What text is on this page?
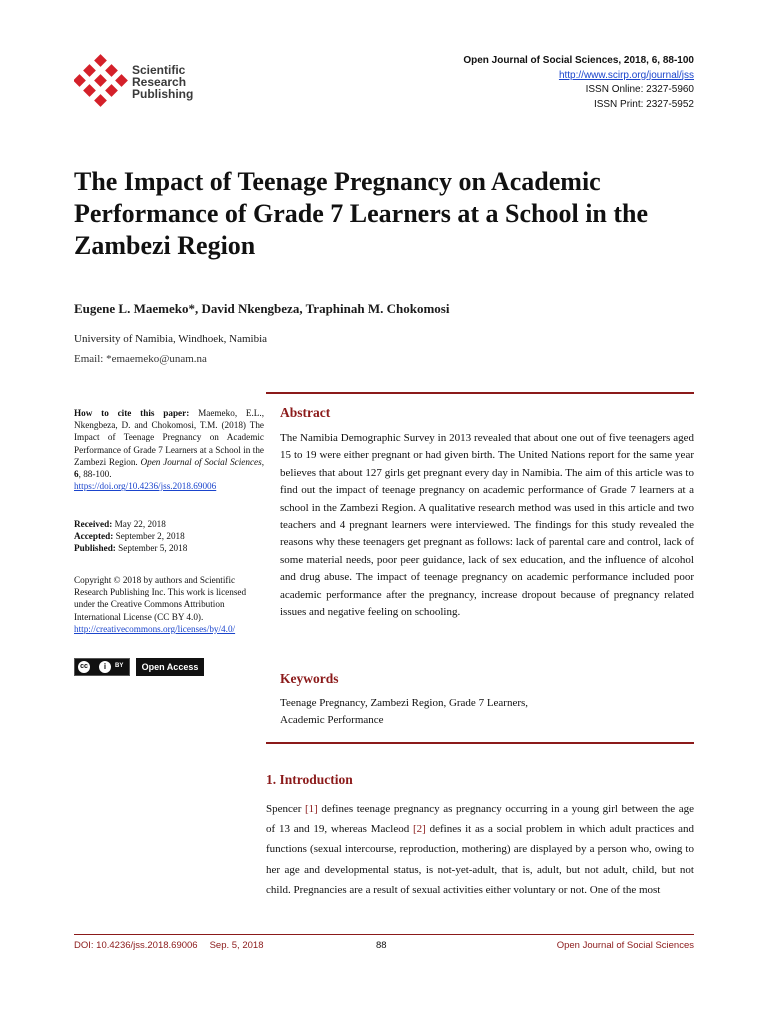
Scientific
Research
Publishing
Open Journal of Social Sciences, 2018, 6, 88-100
http://www.scirp.org/journal/jss
ISSN Online: 2327-5960
ISSN Print: 2327-5952
The Impact of Teenage Pregnancy on Academic Performance of Grade 7 Learners at a School in the Zambezi Region
Eugene L. Maemeko*, David Nkengbeza, Traphinah M. Chokomosi
University of Namibia, Windhoek, Namibia
Email: *emaemeko@unam.na
How to cite this paper: Maemeko, E.L., Nkengbeza, D. and Chokomosi, T.M. (2018) The Impact of Teenage Pregnancy on Academic Performance of Grade 7 Learners at a School in the Zambezi Region. Open Journal of Social Sciences, 6, 88-100.
https://doi.org/10.4236/jss.2018.69006
Received: May 22, 2018
Accepted: September 2, 2018
Published: September 5, 2018
Copyright © 2018 by authors and Scientific Research Publishing Inc. This work is licensed under the Creative Commons Attribution International License (CC BY 4.0).
http://creativecommons.org/licenses/by/4.0/
cc	i	BY	Open Access
Abstract
The Namibia Demographic Survey in 2013 revealed that about one out of five teenagers aged 15 to 19 were either pregnant or had given birth. The United Nations report for the same year believes that about 127 girls get pregnant every day in Namibia. The aim of this article was to find out the impact of teenage pregnancy on academic performance of Grade 7 learners at a school in the Zambezi Region. A qualitative research method was used in this article and two teachers and 4 pregnant learners were interviewed. The findings for this study revealed the reasons why these teenagers get pregnant as follows: lack of parental care and control, lack of some material needs, poor peer guidance, lack of sex education, and the influence of alcohol and drug abuse. The impact of teenage pregnancy on academic performance included poor academic performance after the pregnancy, increase dropout because of pregnancy related issues and negative feeling on schooling.
Keywords
Teenage Pregnancy, Zambezi Region, Grade 7 Learners,
Academic Performance
1. Introduction
Spencer [1] defines teenage pregnancy as pregnancy occurring in a young girl between the age of 13 and 19, whereas Macleod [2] defines it as a social problem in which adult practices and functions (sexual intercourse, reproduction, mothering) are displayed by a person who, owing to her age and developmental status, is not-yet-adult, that is, adult, but not adult, child, but not child. Pregnancies are a result of sexual activities either voluntary or not. One of the most
DOI: 10.4236/jss.2018.69006 Sep. 5, 2018	88	Open Journal of Social Sciences
